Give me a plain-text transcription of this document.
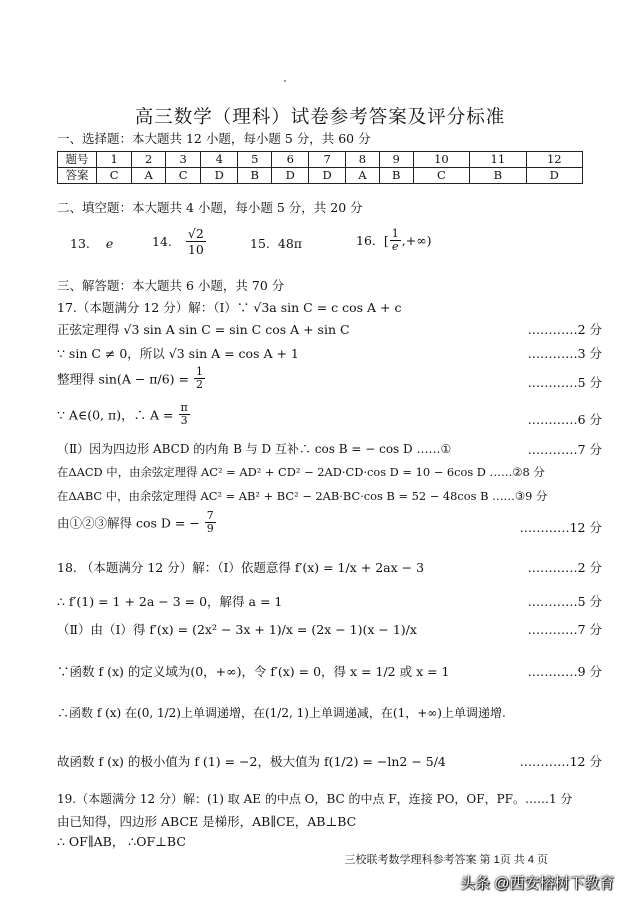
高三数学（理科）试卷参考答案及评分标准
一、选择题：本大题共 12 小题，每小题 5 分，共 60 分
题号	1	2	3	4	5	6	7	8	9	10	11	12
答案	C	A	C	D	B	D	D	A	B	C	B	D
二、填空题：本大题共 4 小题，每小题 5 分，共 20 分
13. e	14. $\frac{√2}{10}$	15. 48π	16. [ $\frac{1}{e}$ ,+∞)
三、解答题：本大题共 6 小题，共 70 分
17.（本题满分 12 分）解：（Ⅰ）∵ √3a sin C = c cos A + c
正弦定理得 √3 sin A sin C = sin C cos A + sin C	…………2 分
∵ sin C ≠ 0，所以 √3 sin A = cos A + 1	…………3 分
整理得 $\sin(A - \pi/6) = \frac{1}{2}$	…………5 分
∵ A∈(0, π)，∴ $A = \frac{\pi}{3}$	…………6 分
（Ⅱ）因为四边形 ABCD 的内角 B 与 D 互补∴ cos B = − cos D ……①	…………7 分
在ΔACD 中，由余弦定理得 AC² = AD² + CD² − 2AD·CD·cos D = 10 − 6cos D ……②8 分
在ΔABC 中，由余弦定理得 AC² = AB² + BC² − 2AB·BC·cos B = 52 − 48cos B ……③9 分
由①②③解得 cos D = − $\frac{7}{9}$	…………12 分
18. （本题满分 12 分）解：（Ⅰ）依题意得 f′(x) = 1/x + 2ax − 3	…………2 分
∴ f′(1) = 1 + 2a − 3 = 0，解得 a = 1	…………5 分
（Ⅱ）由（Ⅰ）得 f′(x) = (2x² − 3x + 1)/x = (2x − 1)(x − 1)/x	…………7 分
∵函数 f (x) 的定义域为(0，+∞)，令 f′(x) = 0，得 x = 1/2 或 x = 1	…………9 分
∴函数 f (x) 在(0, 1/2)上单调递增，在(1/2, 1)上单调递减，在(1，+∞)上单调递增.
故函数 f (x) 的极小值为 f (1) = −2，极大值为 f(1/2) = −ln2 − 5/4	…………12 分
19.（本题满分 12 分）解：(1) 取 AE 的中点 O，BC 的中点 F，连接 PO，OF，PF。……1 分
由已知得，四边形 ABCE 是梯形，AB∥CE，AB⊥BC
∴ OF∥AB， ∴OF⊥BC
三校联考数学理科参考答案 第 1页 共 4 页
头条 @西安榕树下教育
